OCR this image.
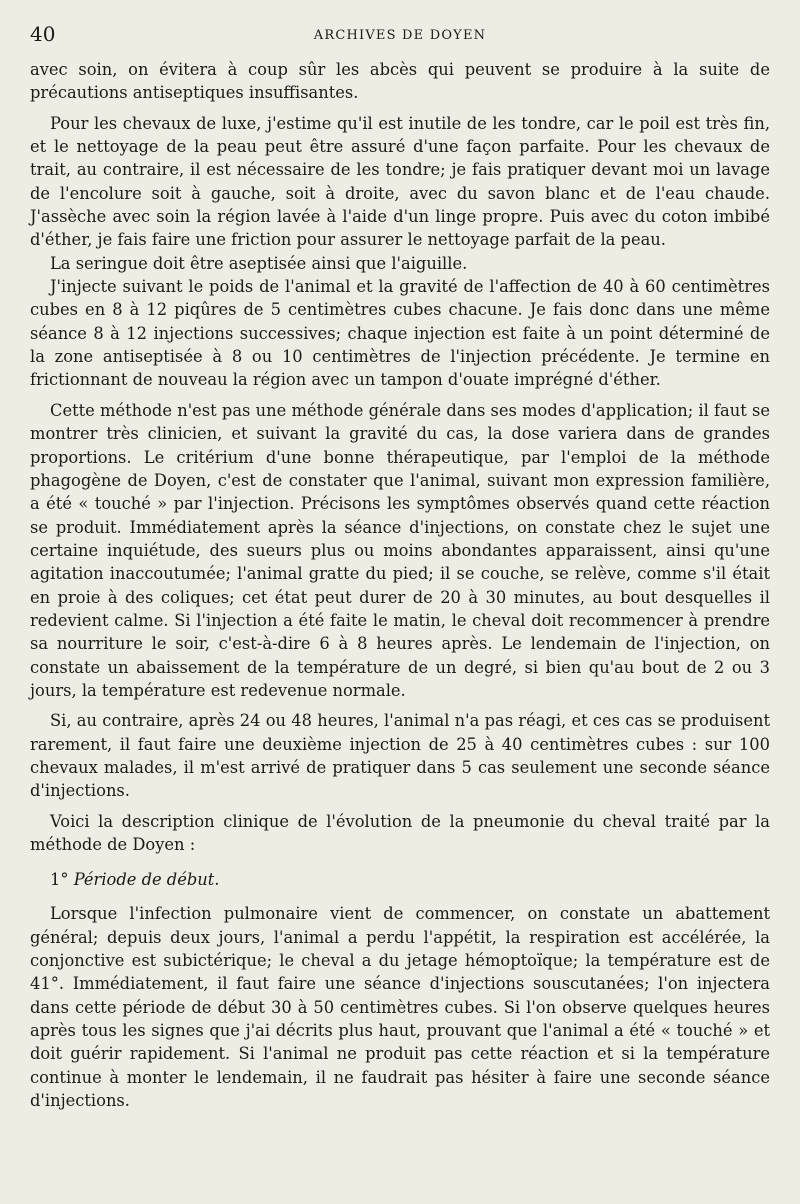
40	ARCHIVES DE DOYEN

avec soin, on évitera à coup sûr les abcès qui peuvent se produire à la suite de précautions antiseptiques insuffisantes.

Pour les chevaux de luxe, j'estime qu'il est inutile de les tondre, car le poil est très fin, et le nettoyage de la peau peut être assuré d'une façon parfaite. Pour les chevaux de trait, au contraire, il est nécessaire de les tondre; je fais pratiquer devant moi un lavage de l'encolure soit à gauche, soit à droite, avec du savon blanc et de l'eau chaude. J'assèche avec soin la région lavée à l'aide d'un linge propre. Puis avec du coton imbibé d'éther, je fais faire une friction pour assurer le nettoyage parfait de la peau.

La seringue doit être aseptisée ainsi que l'aiguille.

J'injecte suivant le poids de l'animal et la gravité de l'affection de 40 à 60 centimètres cubes en 8 à 12 piqûres de 5 centimètres cubes chacune. Je fais donc dans une même séance 8 à 12 injections successives; chaque injection est faite à un point déterminé de la zone antiseptisée à 8 ou 10 centimètres de l'injection précédente. Je termine en frictionnant de nouveau la région avec un tampon d'ouate imprégné d'éther.

Cette méthode n'est pas une méthode générale dans ses modes d'application; il faut se montrer très clinicien, et suivant la gravité du cas, la dose variera dans de grandes proportions. Le critérium d'une bonne thérapeutique, par l'emploi de la méthode phagogène de Doyen, c'est de constater que l'animal, suivant mon expression familière, a été « touché » par l'injection. Précisons les symptômes observés quand cette réaction se produit. Immédiatement après la séance d'injections, on constate chez le sujet une certaine inquiétude, des sueurs plus ou moins abondantes apparaissent, ainsi qu'une agitation inaccoutumée; l'animal gratte du pied; il se couche, se relève, comme s'il était en proie à des coliques; cet état peut durer de 20 à 30 minutes, au bout desquelles il redevient calme. Si l'injection a été faite le matin, le cheval doit recommencer à prendre sa nourriture le soir, c'est-à-dire 6 à 8 heures après. Le lendemain de l'injection, on constate un abaissement de la température de un degré, si bien qu'au bout de 2 ou 3 jours, la température est redevenue normale.

Si, au contraire, après 24 ou 48 heures, l'animal n'a pas réagi, et ces cas se produisent rarement, il faut faire une deuxième injection de 25 à 40 centimètres cubes : sur 100 chevaux malades, il m'est arrivé de pratiquer dans 5 cas seulement une seconde séance d'injections.

Voici la description clinique de l'évolution de la pneumonie du cheval traité par la méthode de Doyen :

1° Période de début.

Lorsque l'infection pulmonaire vient de commencer, on constate un abattement général; depuis deux jours, l'animal a perdu l'appétit, la respiration est accélérée, la conjonctive est subictérique; le cheval a du jetage hémoptoïque; la température est de 41°. Immédiatement, il faut faire une séance d'injections souscutanées; l'on injectera dans cette période de début 30 à 50 centimètres cubes. Si l'on observe quelques heures après tous les signes que j'ai décrits plus haut, prouvant que l'animal a été « touché » et doit guérir rapidement. Si l'animal ne produit pas cette réaction et si la température continue à monter le lendemain, il ne faudrait pas hésiter à faire une seconde séance d'injections.
